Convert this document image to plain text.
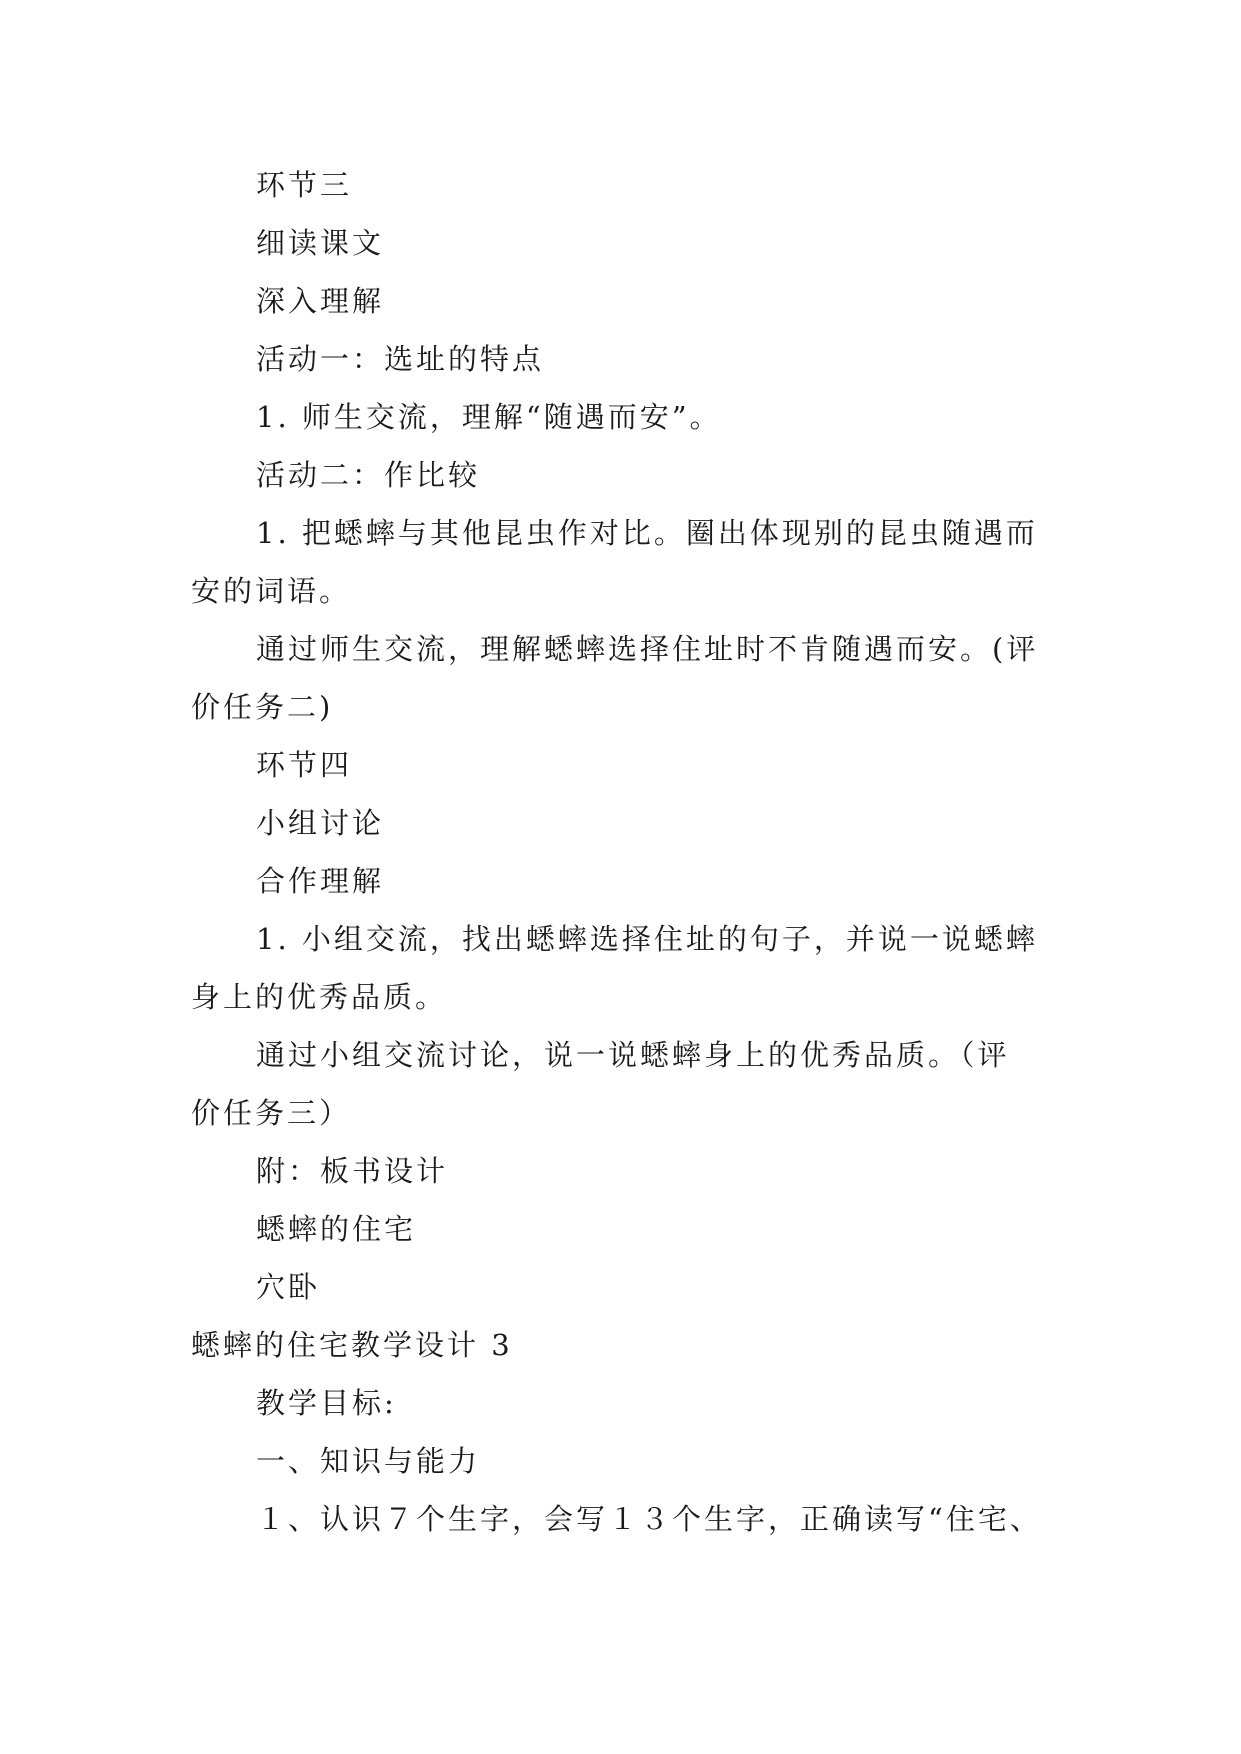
环节三
细读课文
深入理解
活动一：选址的特点
1. 师生交流，理解“随遇而安”。
活动二：作比较
1. 把蟋蟀与其他昆虫作对比。圈出体现别的昆虫随遇而
安的词语。
通过师生交流，理解蟋蟀选择住址时不肯随遇而安。(评
价任务二)
环节四
小组讨论
合作理解
1. 小组交流，找出蟋蟀选择住址的句子，并说一说蟋蟀
身上的优秀品质。
通过小组交流讨论，说一说蟋蟀身上的优秀品质。（评
价任务三）
附：板书设计
蟋蟀的住宅
穴卧
蟋蟀的住宅教学设计 3
教学目标:
一、知识与能力
１、认识７个生字，会写１３个生字，正确读写“住宅、
